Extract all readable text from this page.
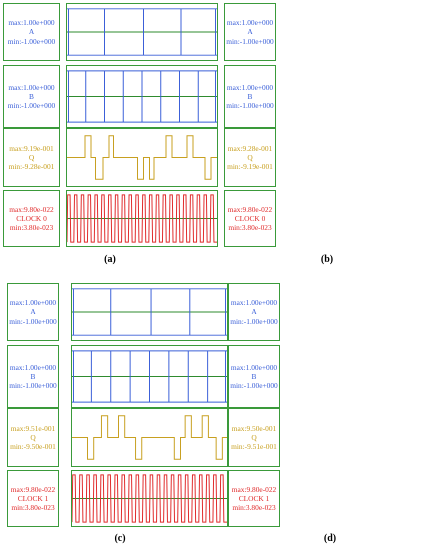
max:1.00e+000
A
min:-1.00e+000
max:1.00e+000
B
min:-1.00e+000
max:9.19e-001
Q
min:-9.28e-001
max:9.80e-022
CLOCK 0
min:3.80e-023
max:1.00e+000
A
min:-1.00e+000
max:1.00e+000
B
min:-1.00e+000
max:9.28e-001
Q
min:-9.19e-001
max:9.80e-022
CLOCK 0
min:3.80e-023
max:1.00e+000
A
min:-1.00e+000
max:1.00e+000
B
min:-1.00e+000
max:9.51e-001
Q
min:-9.50e-001
max:9.80e-022
CLOCK 1
min:3.80e-023
max:1.00e+000
A
min:-1.00e+000
max:1.00e+000
B
min:-1.00e+000
max:9.50e-001
Q
min:-9.51e-001
max:9.80e-022
CLOCK 1
min:3.80e-023
(a)	(b)
(c)	(d)
